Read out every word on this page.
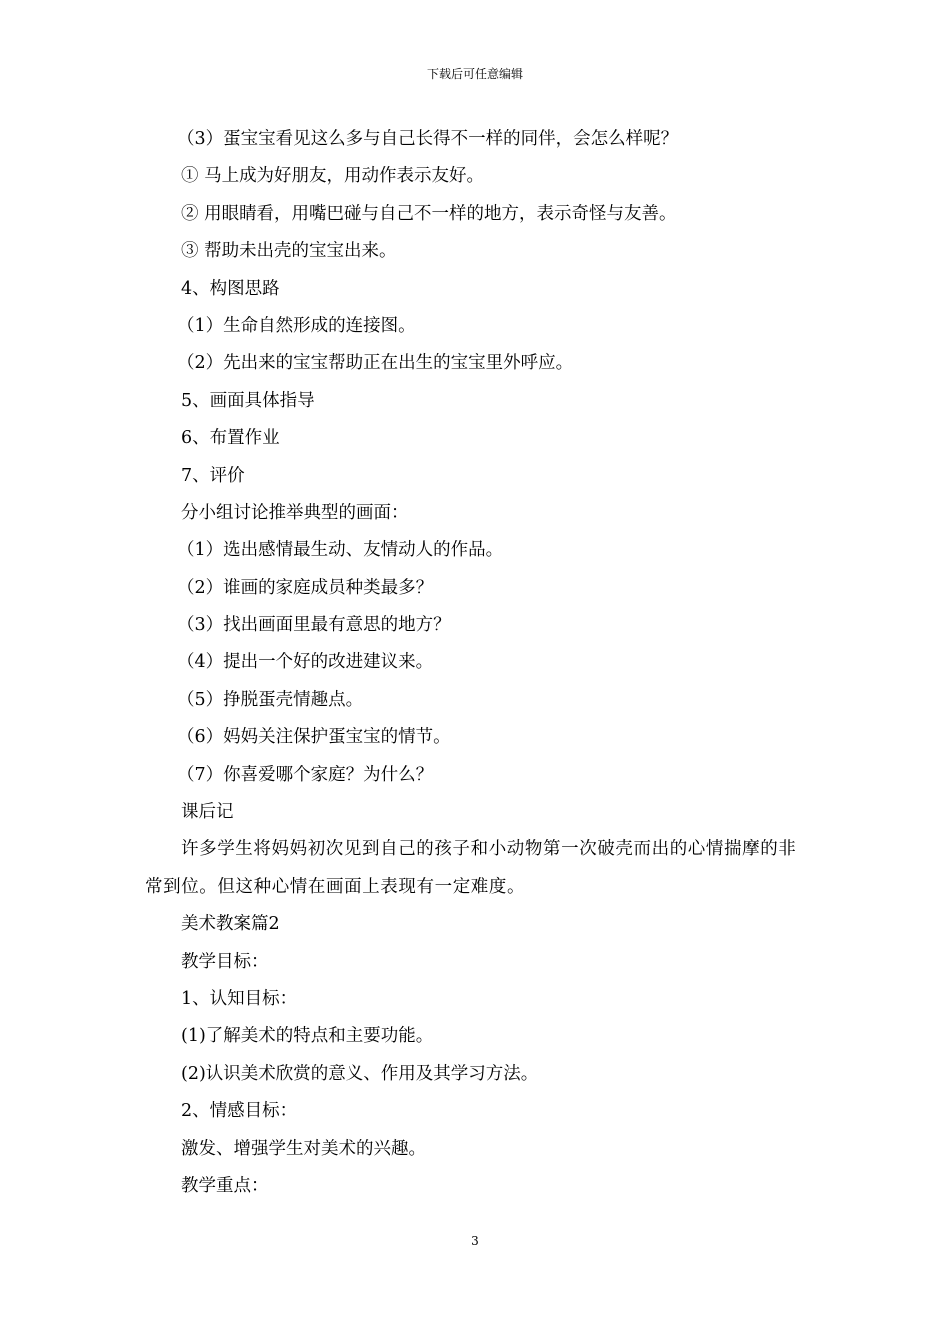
下载后可任意编辑
（3）蛋宝宝看见这么多与自己长得不一样的同伴，会怎么样呢？
① 马上成为好朋友，用动作表示友好。
② 用眼睛看，用嘴巴碰与自己不一样的地方，表示奇怪与友善。
③ 帮助未出壳的宝宝出来。
4、构图思路
（1）生命自然形成的连接图。
（2）先出来的宝宝帮助正在出生的宝宝里外呼应。
5、画面具体指导
6、布置作业
7、评价
分小组讨论推举典型的画面：
（1）选出感情最生动、友情动人的作品。
（2）谁画的家庭成员种类最多？
（3）找出画面里最有意思的地方？
（4）提出一个好的改进建议来。
（5）挣脱蛋壳情趣点。
（6）妈妈关注保护蛋宝宝的情节。
（7）你喜爱哪个家庭？为什么？
课后记
许多学生将妈妈初次见到自己的孩子和小动物第一次破壳而出的心情揣摩的非常到位。但这种心情在画面上表现有一定难度。
美术教案篇2
教学目标：
1、认知目标：
(1)了解美术的特点和主要功能。
(2)认识美术欣赏的意义、作用及其学习方法。
2、情感目标：
激发、增强学生对美术的兴趣。
教学重点：
3
